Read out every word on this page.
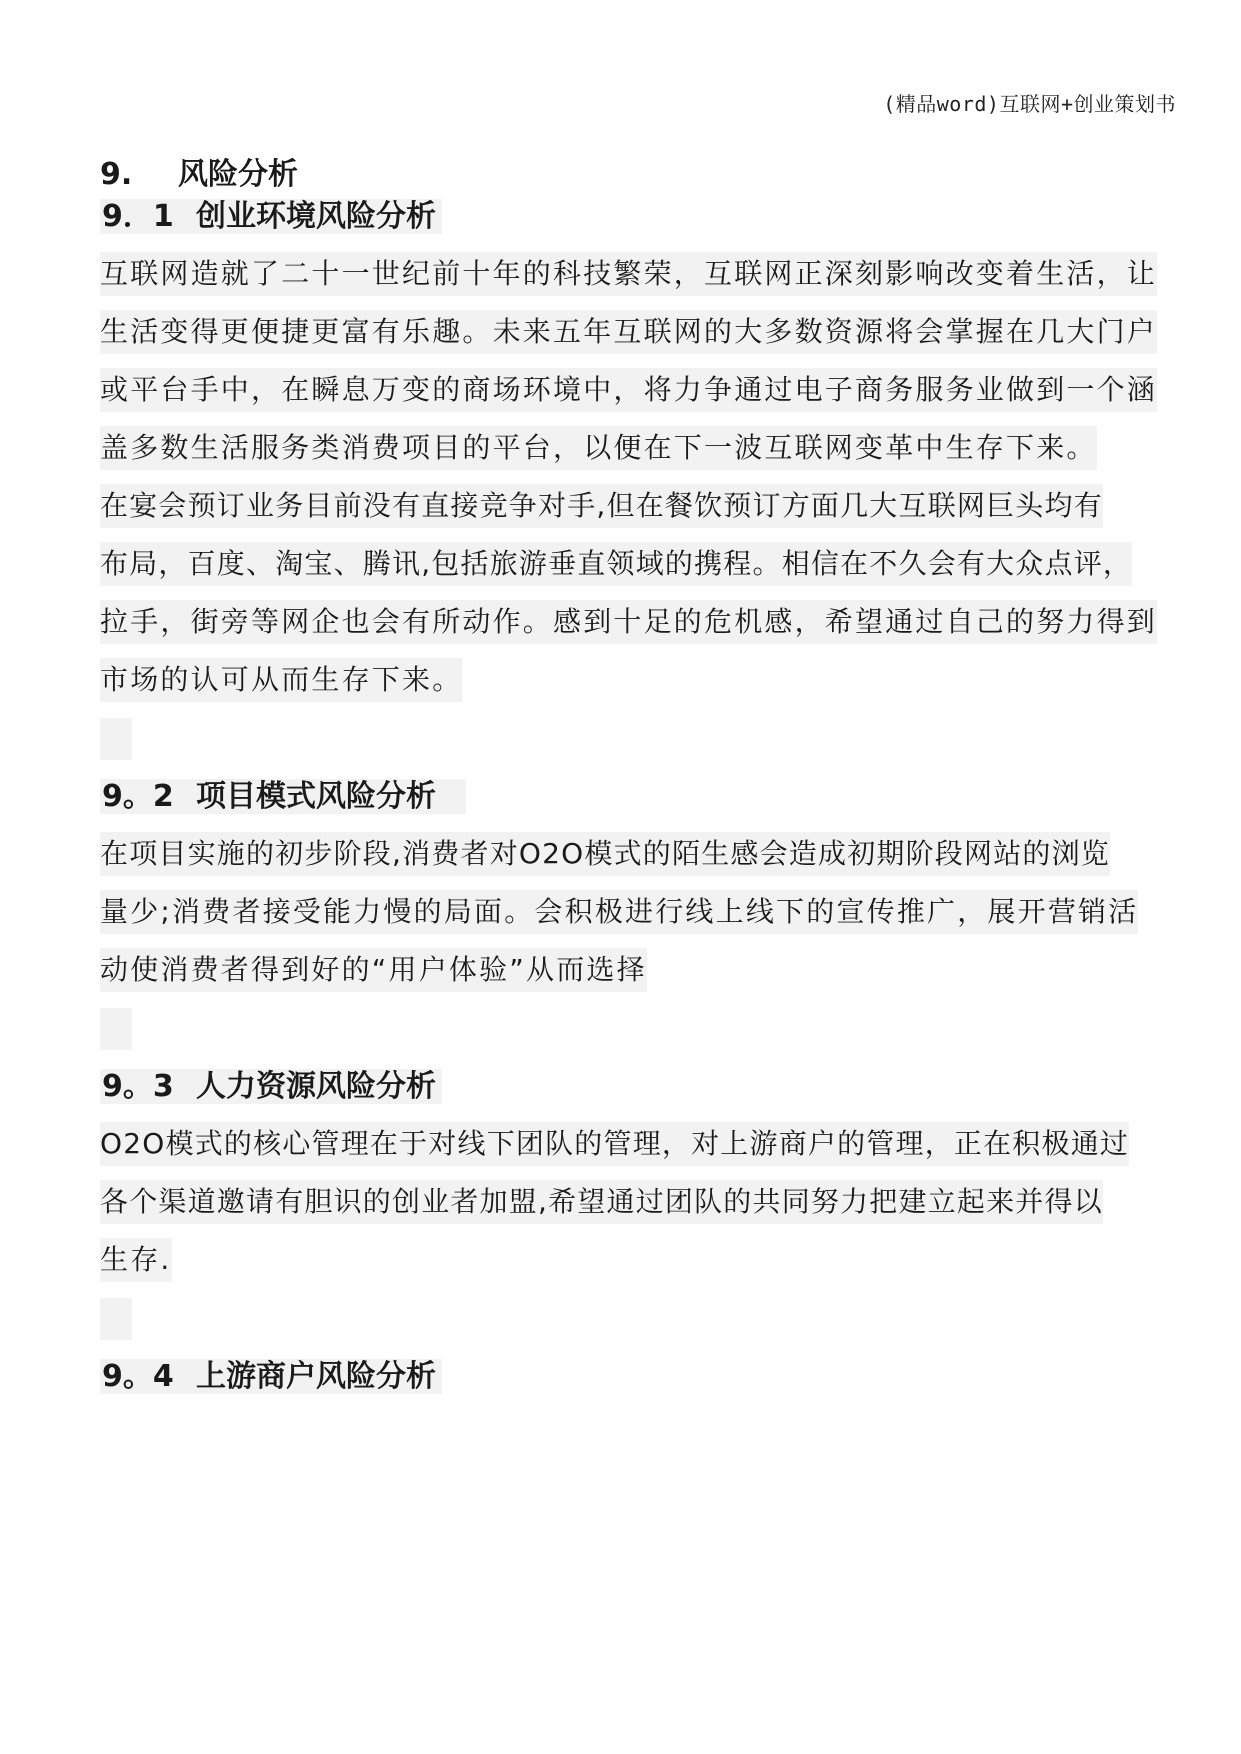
(精品word)互联网+创业策划书
9. 风险分析
9．1 创业环境风险分析
互联网造就了二十一世纪前十年的科技繁荣，互联网正深刻影响改变着生活，让
生活变得更便捷更富有乐趣。未来五年互联网的大多数资源将会掌握在几大门户
或平台手中，在瞬息万变的商场环境中，将力争通过电子商务服务业做到一个涵
盖多数生活服务类消费项目的平台，以便在下一波互联网变革中生存下来。
在宴会预订业务目前没有直接竞争对手,但在餐饮预订方面几大互联网巨头均有
布局，百度、淘宝、腾讯,包括旅游垂直领域的携程。相信在不久会有大众点评，
拉手，街旁等网企也会有所动作。感到十足的危机感，希望通过自己的努力得到
市场的认可从而生存下来。
9。2 项目模式风险分析
在项目实施的初步阶段,消费者对O2O模式的陌生感会造成初期阶段网站的浏览
量少;消费者接受能力慢的局面。会积极进行线上线下的宣传推广，展开营销活
动使消费者得到好的“用户体验”从而选择
9。3 人力资源风险分析
O2O模式的核心管理在于对线下团队的管理，对上游商户的管理，正在积极通过
各个渠道邀请有胆识的创业者加盟,希望通过团队的共同努力把建立起来并得以
生存.
9。4 上游商户风险分析
